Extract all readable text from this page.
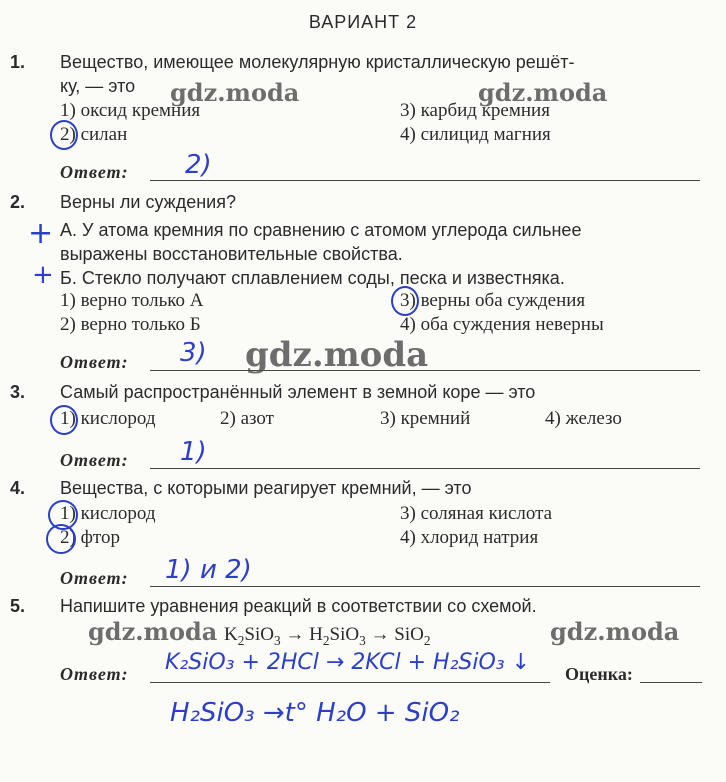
ВАРИАНТ 2
1. Вещество, имеющее молекулярную кристаллическую решёт-
ку, — это
1) оксид кремния
2) силан
3) карбид кремния
4) силицид магния
Ответ: 2)
2. Верны ли суждения?
А. У атома кремния по сравнению с атомом углерода сильнее
выражены восстановительные свойства.
Б. Стекло получают сплавлением соды, песка и известняка.
+
+
1) верно только А
2) верно только Б
3) верны оба суждения
4) оба суждения неверны
Ответ: 3)
3. Самый распространённый элемент в земной коре — это
1) кислород	2) азот	3) кремний	4) железо
Ответ: 1)
4. Вещества, с которыми реагирует кремний, — это
1) кислород
2) фтор
3) соляная кислота
4) хлорид натрия
Ответ: 1) и 2)
5. Напишите уравнения реакций в соответствии со схемой.
$K_2SiO_3 \to H_2SiO_3 \to SiO_2$
Ответ: K₂SiO₃ + 2HCl → 2KCl + H₂SiO₃ ↓
H₂SiO₃ →t° H₂O + SiO₂
Оценка:
gdz.moda	gdz.moda
gdz.moda
gdz.moda	gdz.moda
